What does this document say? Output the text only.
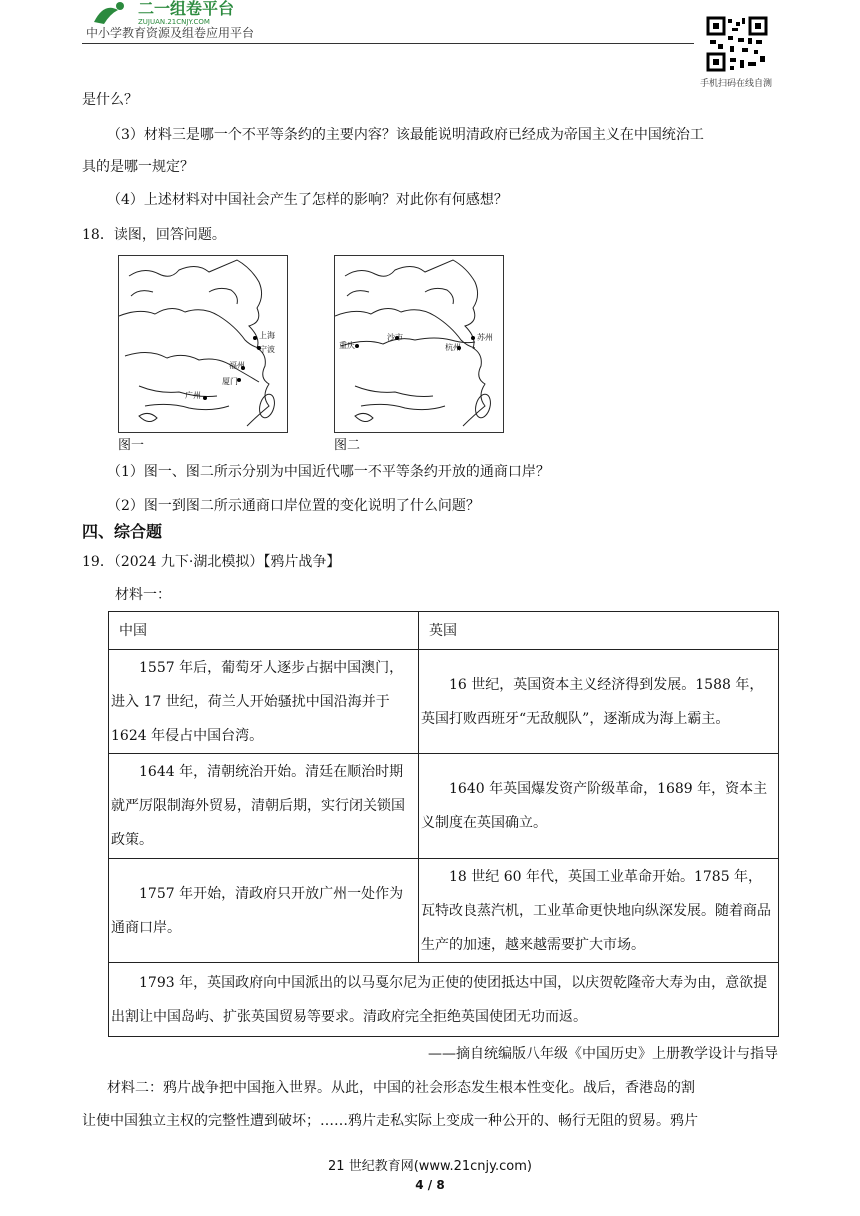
二一组卷平台
ZUJUAN.21CNJY.COM
中小学教育资源及组卷应用平台
手机扫码在线自测
是什么？
（3）材料三是哪一个不平等条约的主要内容？该最能说明清政府已经成为帝国主义在中国统治工
具的是哪一规定？
（4）上述材料对中国社会产生了怎样的影响？对此你有何感想？
18．读图，回答问题。
上海
宁波
福州
厦门
广州
图一
重庆
沙市
杭州
苏州
图二
（1）图一、图二所示分别为中国近代哪一不平等条约开放的通商口岸？
（2）图一到图二所示通商口岸位置的变化说明了什么问题？
四、综合题
19．（2024 九下·湖北模拟）【鸦片战争】
材料一：
中国	英国
1557 年后，葡萄牙人逐步占据中国澳门，进入 17 世纪，荷兰人开始骚扰中国沿海并于 1624 年侵占中国台湾。	16 世纪，英国资本主义经济得到发展。1588 年，英国打败西班牙“无敌舰队”，逐渐成为海上霸主。
1644 年，清朝统治开始。清廷在顺治时期就严厉限制海外贸易，清朝后期，实行闭关锁国政策。	1640 年英国爆发资产阶级革命，1689 年，资本主义制度在英国确立。
1757 年开始，清政府只开放广州一处作为通商口岸。	18 世纪 60 年代，英国工业革命开始。1785 年，瓦特改良蒸汽机，工业革命更快地向纵深发展。随着商品生产的加速，越来越需要扩大市场。
1793 年，英国政府向中国派出的以马戛尔尼为正使的使团抵达中国，以庆贺乾隆帝大寿为由，意欲提出割让中国岛屿、扩张英国贸易等要求。清政府完全拒绝英国使团无功而返。	
——摘自统编版八年级《中国历史》上册教学设计与指导
材料二：鸦片战争把中国拖入世界。从此，中国的社会形态发生根本性变化。战后，香港岛的割
让使中国独立主权的完整性遭到破坏；……鸦片走私实际上变成一种公开的、畅行无阻的贸易。鸦片
21 世纪教育网(www.21cnjy.com)
4 / 8
